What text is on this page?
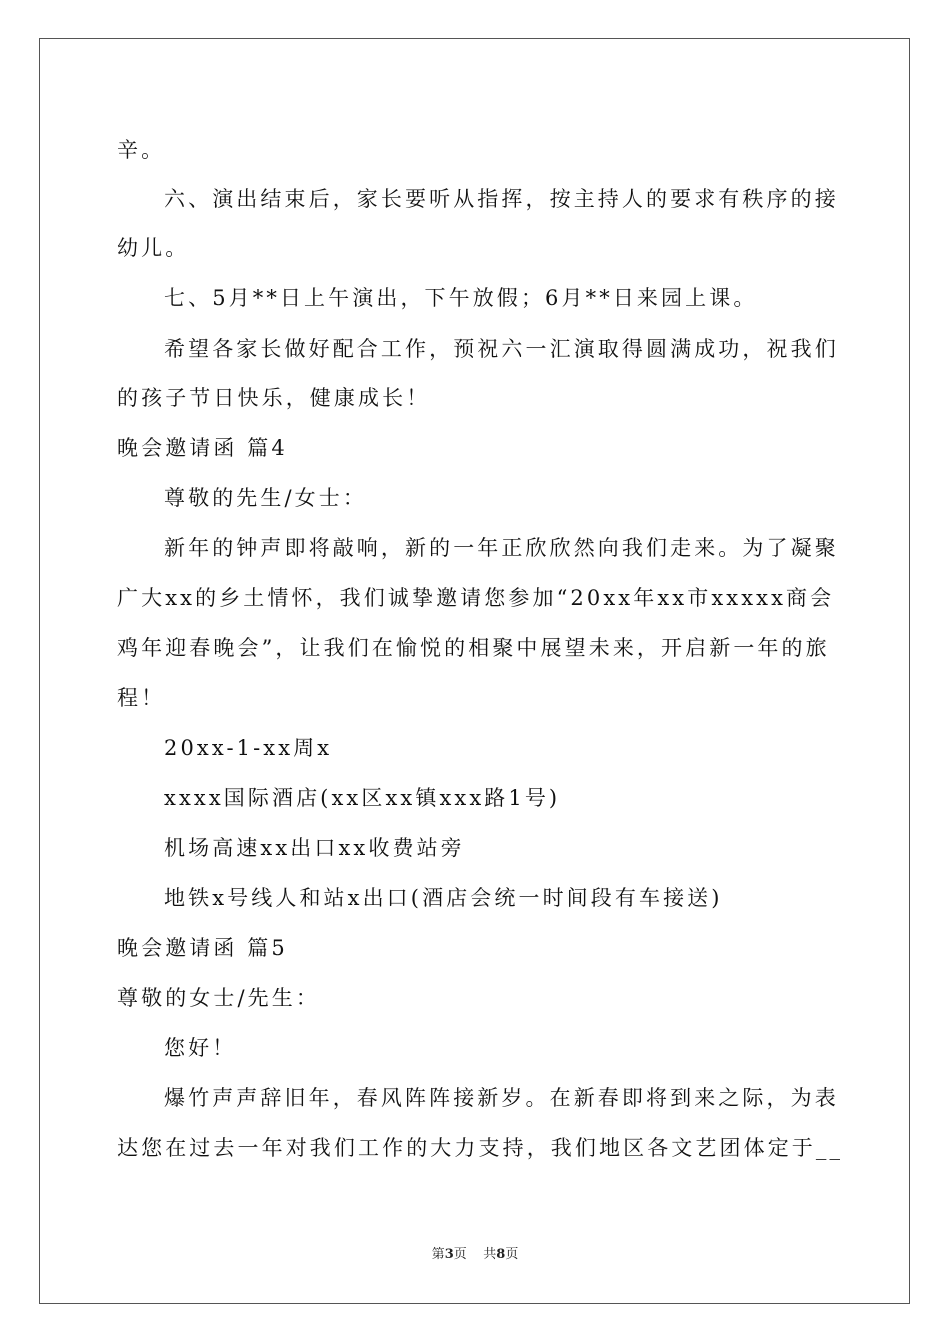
辛。

六、演出结束后，家长要听从指挥，按主持人的要求有秩序的接

幼儿。

七、5月**日上午演出，下午放假；6月**日来园上课。

希望各家长做好配合工作，预祝六一汇演取得圆满成功，祝我们

的孩子节日快乐，健康成长！

晚会邀请函 篇4

尊敬的先生/女士：

新年的钟声即将敲响，新的一年正欣欣然向我们走来。为了凝聚

广大xx的乡土情怀，我们诚挚邀请您参加“20xx年xx市xxxxx商会

鸡年迎春晚会”，让我们在愉悦的相聚中展望未来，开启新一年的旅

程！

20xx-1-xx周x

xxxx国际酒店(xx区xx镇xxx路1号)

机场高速xx出口xx收费站旁

地铁x号线人和站x出口(酒店会统一时间段有车接送)

晚会邀请函 篇5

尊敬的女士/先生：

您好！

爆竹声声辞旧年，春风阵阵接新岁。在新春即将到来之际，为表

达您在过去一年对我们工作的大力支持，我们地区各文艺团体定于__

第3页    共8页
